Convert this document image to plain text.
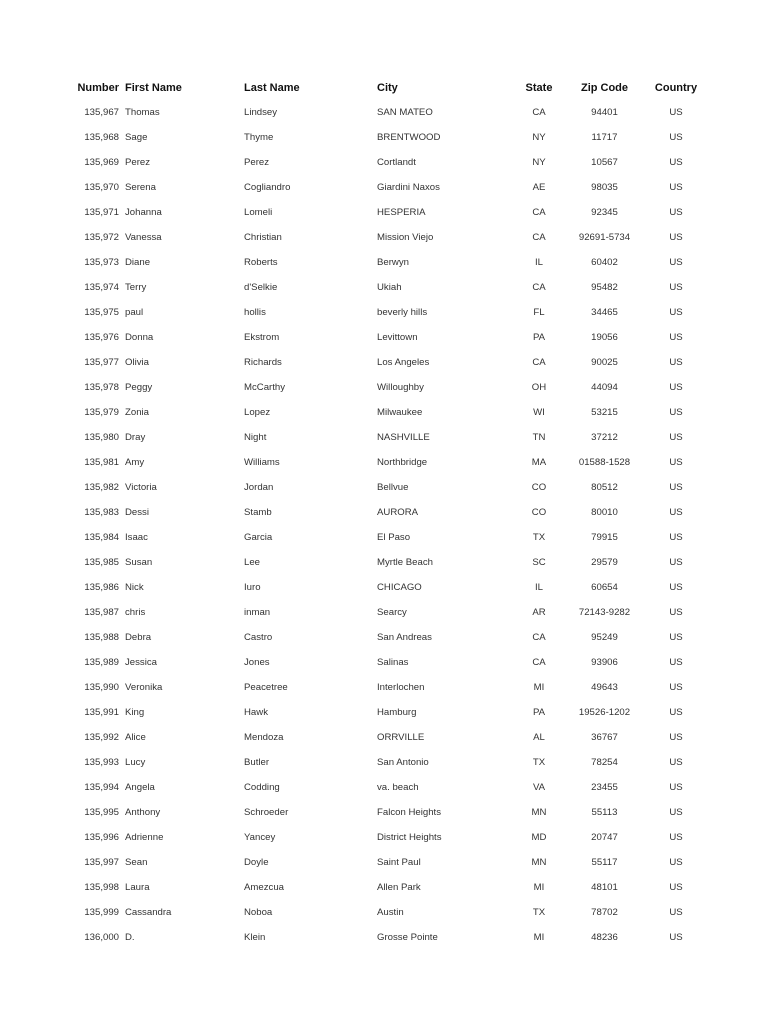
Number	First Name	Last Name	City	State	Zip Code	Country
135,967	Thomas	Lindsey	SAN MATEO	CA	94401	US
135,968	Sage	Thyme	BRENTWOOD	NY	11717	US
135,969	Perez	Perez	Cortlandt	NY	10567	US
135,970	Serena	Cogliandro	Giardini Naxos	AE	98035	US
135,971	Johanna	Lomeli	HESPERIA	CA	92345	US
135,972	Vanessa	Christian	Mission Viejo	CA	92691-5734	US
135,973	Diane	Roberts	Berwyn	IL	60402	US
135,974	Terry	d'Selkie	Ukiah	CA	95482	US
135,975	paul	hollis	beverly hills	FL	34465	US
135,976	Donna	Ekstrom	Levittown	PA	19056	US
135,977	Olivia	Richards	Los Angeles	CA	90025	US
135,978	Peggy	McCarthy	Willoughby	OH	44094	US
135,979	Zonia	Lopez	Milwaukee	WI	53215	US
135,980	Dray	Night	NASHVILLE	TN	37212	US
135,981	Amy	Williams	Northbridge	MA	01588-1528	US
135,982	Victoria	Jordan	Bellvue	CO	80512	US
135,983	Dessi	Stamb	AURORA	CO	80010	US
135,984	Isaac	Garcia	El Paso	TX	79915	US
135,985	Susan	Lee	Myrtle Beach	SC	29579	US
135,986	Nick	Iuro	CHICAGO	IL	60654	US
135,987	chris	inman	Searcy	AR	72143-9282	US
135,988	Debra	Castro	San Andreas	CA	95249	US
135,989	Jessica	Jones	Salinas	CA	93906	US
135,990	Veronika	Peacetree	Interlochen	MI	49643	US
135,991	King	Hawk	Hamburg	PA	19526-1202	US
135,992	Alice	Mendoza	ORRVILLE	AL	36767	US
135,993	Lucy	Butler	San Antonio	TX	78254	US
135,994	Angela	Codding	va. beach	VA	23455	US
135,995	Anthony	Schroeder	Falcon Heights	MN	55113	US
135,996	Adrienne	Yancey	District Heights	MD	20747	US
135,997	Sean	Doyle	Saint Paul	MN	55117	US
135,998	Laura	Amezcua	Allen Park	MI	48101	US
135,999	Cassandra	Noboa	Austin	TX	78702	US
136,000	D.	Klein	Grosse Pointe	MI	48236	US
